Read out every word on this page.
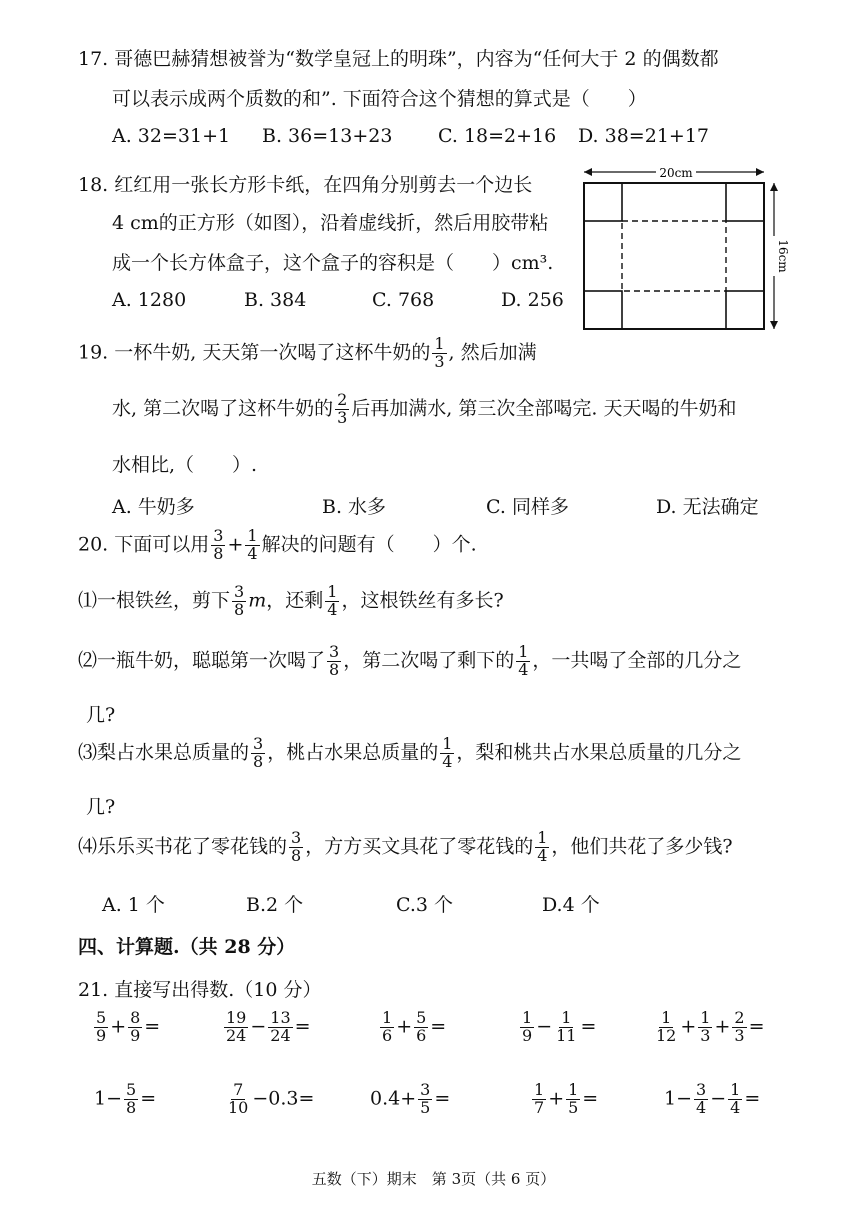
17. 哥德巴赫猜想被誉为“数学皇冠上的明珠”，内容为“任何大于 2 的偶数都
可以表示成两个质数的和”. 下面符合这个猜想的算式是（　　）
A. 32=31+1 B. 36=13+23 C. 18=2+16 D. 38=21+17
18. 红红用一张长方形卡纸，在四角分别剪去一个边长
4 cm的正方形（如图），沿着虚线折，然后用胶带粘
成一个长方体盒子，这个盒子的容积是（　　）cm³.
A. 1280	B. 384	C. 768	D. 256
20cm
16cm
19. 一杯牛奶, 天天第一次喝了这杯牛奶的 $\frac{1}{3}$ , 然后加满
水, 第二次喝了这杯牛奶的 $\frac{2}{3}$ 后再加满水, 第三次全部喝完. 天天喝的牛奶和
水相比,（　　）.
A. 牛奶多	B. 水多	C. 同样多	D. 无法确定
20. 下面可以用 $\frac{3}{8} + \frac{1}{4}$ 解决的问题有（　　）个.
⑴一根铁丝，剪下 $\frac{3}{8}$ m，还剩 $\frac{1}{4}$ ，这根铁丝有多长?
⑵一瓶牛奶，聪聪第一次喝了 $\frac{3}{8}$ ，第二次喝了剩下的 $\frac{1}{4}$ ，一共喝了全部的几分之
几?
⑶梨占水果总质量的 $\frac{3}{8}$ ，桃占水果总质量的 $\frac{1}{4}$ ，梨和桃共占水果总质量的几分之
几?
⑷乐乐买书花了零花钱的 $\frac{3}{8}$ ，方方买文具花了零花钱的 $\frac{1}{4}$ ，他们共花了多少钱?
A. 1 个	B.2 个	C.3 个	D.4 个
四、计算题.（共 28 分）
21. 直接写出得数.（10 分）
$\frac{5}{9} + \frac{8}{9}$ =	$\frac{19}{24} - \frac{13}{24}$ =	$\frac{1}{6} + \frac{5}{6}$ =	$\frac{1}{9} - \frac{1}{11}$ =	$\frac{1}{12} + \frac{1}{3} + \frac{2}{3}$ =
$1- \frac{5}{8}$ =	$\frac{7}{10} -0.3=$	$0.4+ \frac{3}{5}$ =	$\frac{1}{7} + \frac{1}{5}$ =	$1- \frac{3}{4} - \frac{1}{4}$ =
五数（下）期末　第 3页（共 6 页）
